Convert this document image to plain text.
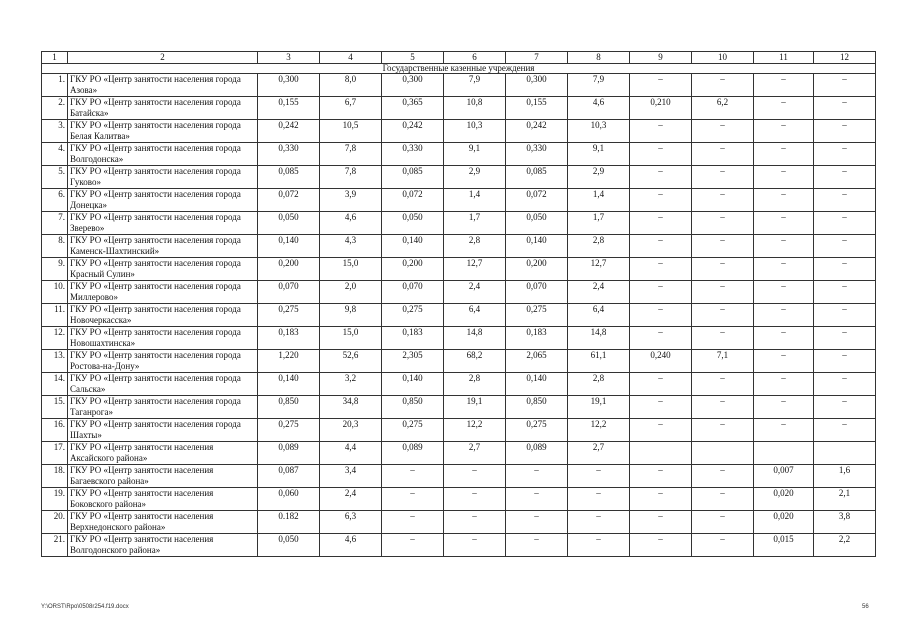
1	2	3	4	5	6	7	8	9	10	11	12
Государственные казенные учреждения											
1.	ГКУ РО «Центр занятости населения города Азова»	0,300	8,0	0,300	7,9	0,300	7,9	–	–	–	–
2.	ГКУ РО «Центр занятости населения города Батайска»	0,155	6,7	0,365	10,8	0,155	4,6	0,210	6,2	–	–
3.	ГКУ РО «Центр занятости населения города Белая Калитва»	0,242	10,5	0,242	10,3	0,242	10,3	–	–	–	–
4.	ГКУ РО «Центр занятости населения города Волгодонска»	0,330	7,8	0,330	9,1	0,330	9,1	–	–	–	–
5.	ГКУ РО «Центр занятости населения города Гуково»	0,085	7,8	0,085	2,9	0,085	2,9	–	–	–	–
6.	ГКУ РО «Центр занятости населения города Донецка»	0,072	3,9	0,072	1,4	0,072	1,4	–	–	–	–
7.	ГКУ РО «Центр занятости населения города Зверево»	0,050	4,6	0,050	1,7	0,050	1,7	–	–	–	–
8.	ГКУ РО «Центр занятости населения города Каменск-Шахтинский»	0,140	4,3	0,140	2,8	0,140	2,8	–	–	–	–
9.	ГКУ РО «Центр занятости населения города Красный Сулин»	0,200	15,0	0,200	12,7	0,200	12,7	–	–	–	–
10.	ГКУ РО «Центр занятости населения города Миллерово»	0,070	2,0	0,070	2,4	0,070	2,4	–	–	–	–
11.	ГКУ РО «Центр занятости населения города Новочеркасска»	0,275	9,8	0,275	6,4	0,275	6,4	–	–	–	–
12.	ГКУ РО «Центр занятости населения города Новошахтинска»	0,183	15,0	0,183	14,8	0,183	14,8	–	–	–	–
13.	ГКУ РО «Центр занятости населения города Ростова-на-Дону»	1,220	52,6	2,305	68,2	2,065	61,1	0,240	7,1	–	–
14.	ГКУ РО «Центр занятости населения города Сальска»	0,140	3,2	0,140	2,8	0,140	2,8	–	–	–	–
15.	ГКУ РО «Центр занятости населения города Таганрога»	0,850	34,8	0,850	19,1	0,850	19,1	–	–	–	–
16.	ГКУ РО «Центр занятости населения города Шахты»	0,275	20,3	0,275	12,2	0,275	12,2	–	–	–	–
17.	ГКУ РО «Центр занятости населения Аксайского района»	0,089	4,4	0,089	2,7	0,089	2,7				
18.	ГКУ РО «Центр занятости населения Багаевского района»	0,087	3,4	–	–	–	–	–	–	0,007	1,6
19.	ГКУ РО «Центр занятости населения Боковского района»	0,060	2,4	–	–	–	–	–	–	0,020	2,1
20.	ГКУ РО «Центр занятости населения Верхнедонского района»	0.182	6,3	–	–	–	–	–	–	0,020	3,8
21.	ГКУ РО «Центр занятости населения Волгодонского района»	0,050	4,6	–	–	–	–	–	–	0,015	2,2
Y:\ORST\Rpo\0508r254.f19.docx	56
